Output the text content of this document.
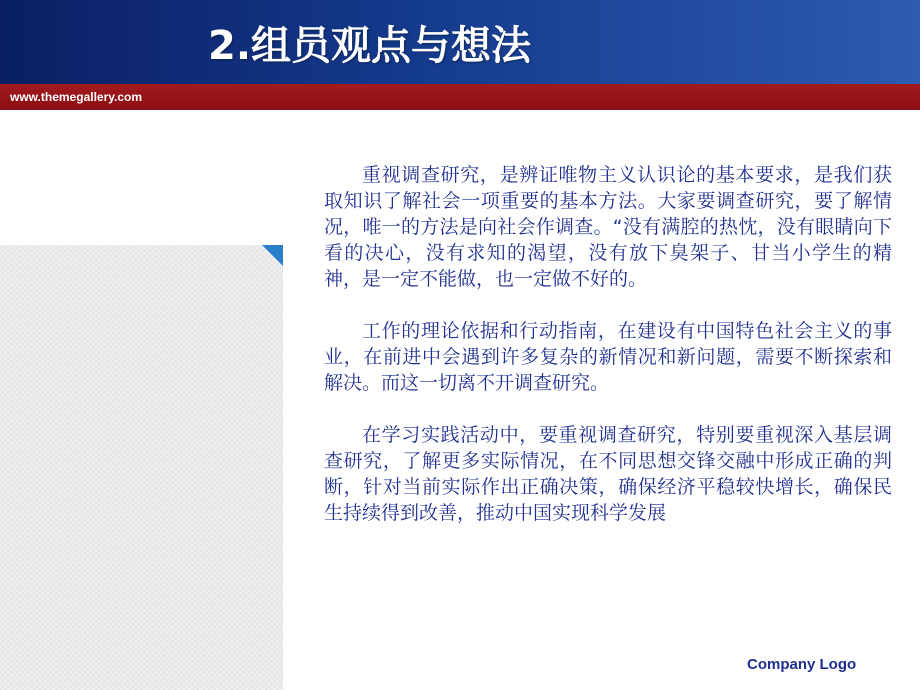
2.组员观点与想法
www.themegallery.com

重视调查研究，是辨证唯物主义认识论的基本要求，是我们获取知识了解社会一项重要的基本方法。大家要调查研究，要了解情况，唯一的方法是向社会作调查。“没有满腔的热忱，没有眼睛向下看的决心，没有求知的渴望，没有放下臭架子、甘当小学生的精神，是一定不能做，也一定做不好的。

工作的理论依据和行动指南，在建设有中国特色社会主义的事业，在前进中会遇到许多复杂的新情况和新问题，需要不断探索和解决。而这一切离不开调查研究。

在学习实践活动中，要重视调查研究，特别要重视深入基层调查研究，了解更多实际情况，在不同思想交锋交融中形成正确的判断，针对当前实际作出正确决策，确保经济平稳较快增长，确保民生持续得到改善，推动中国实现科学发展

Company Logo
